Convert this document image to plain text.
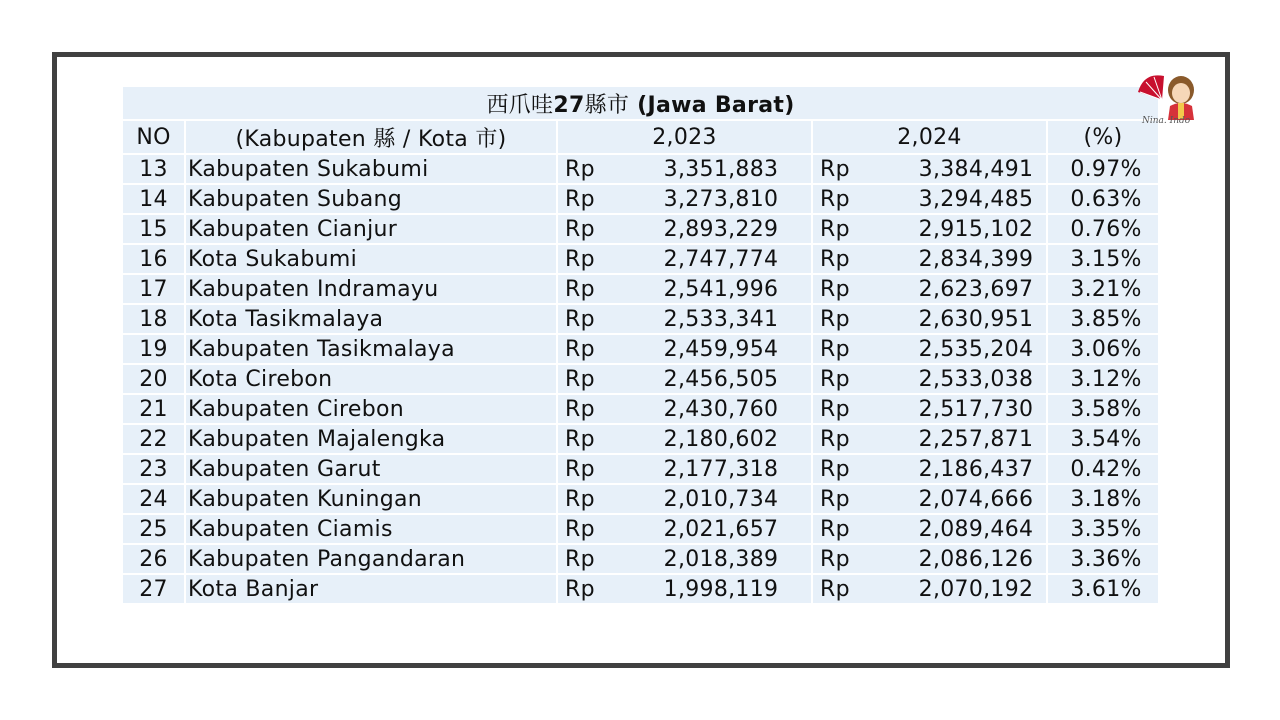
西爪哇27縣市 (Jawa Barat)				
NO	(Kabupaten 縣 / Kota 市)	2,023	2,024	(%)
13	Kabupaten Sukabumi	Rp 3,351,883	Rp 3,384,491	0.97%
14	Kabupaten Subang	Rp 3,273,810	Rp 3,294,485	0.63%
15	Kabupaten Cianjur	Rp 2,893,229	Rp 2,915,102	0.76%
16	Kota Sukabumi	Rp 2,747,774	Rp 2,834,399	3.15%
17	Kabupaten Indramayu	Rp 2,541,996	Rp 2,623,697	3.21%
18	Kota Tasikmalaya	Rp 2,533,341	Rp 2,630,951	3.85%
19	Kabupaten Tasikmalaya	Rp 2,459,954	Rp 2,535,204	3.06%
20	Kota Cirebon	Rp 2,456,505	Rp 2,533,038	3.12%
21	Kabupaten Cirebon	Rp 2,430,760	Rp 2,517,730	3.58%
22	Kabupaten Majalengka	Rp 2,180,602	Rp 2,257,871	3.54%
23	Kabupaten Garut	Rp 2,177,318	Rp 2,186,437	0.42%
24	Kabupaten Kuningan	Rp 2,010,734	Rp 2,074,666	3.18%
25	Kabupaten Ciamis	Rp 2,021,657	Rp 2,089,464	3.35%
26	Kabupaten Pangandaran	Rp 2,018,389	Rp 2,086,126	3.36%
27	Kota Banjar	Rp 1,998,119	Rp 2,070,192	3.61%
Nina. Indo
